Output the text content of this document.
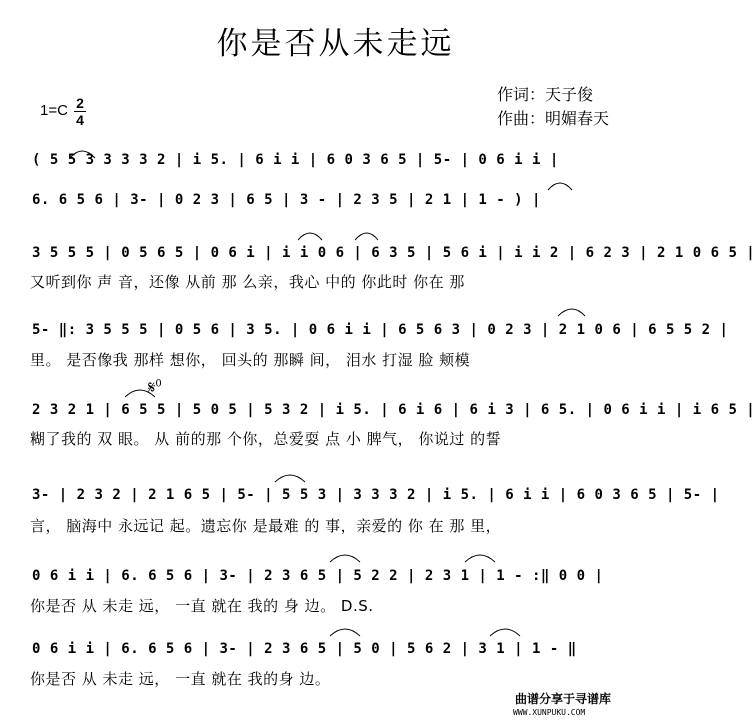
你是否从未走远
作词：天子俊
作曲：明媚春天
1=C 2
4
𝄋$^0$
( 5 5 3 3 3 3 2 | i 5. | 6 i i | 6 0 3 6 5 | 5- | 0 6 i i |
6. 6 5 6 | 3- | 0 2 3 | 6 5 | 3 - | 2 3 5 | 2 1 | 1 - ) |
3 5 5 5 | 0 5 6 5 | 0 6 i | i i 0 6 | 6 3 5 | 5 6 i | i i 2 | 6 2 3 | 2 1 0 6 5 |
又听到你 声 音，还像 从前 那 么亲，我心 中的 你此时 你在 那
5- ‖: 3 5 5 5 | 0 5 6 | 3 5. | 0 6 i i | 6 5 6 3 | 0 2 3 | 2 1 0 6 | 6 5 5 2 |
里。 是否像我 那样 想你， 回头的 那瞬 间， 泪水 打湿 脸 颊模
2 3 2 1 | 6 5 5 | 5 0 5 | 5 3 2 | i 5. | 6 i 6 | 6 i 3 | 6 5. | 0 6 i i | i 6 5 |
糊了我的 双 眼。 从 前的那 个你，总爱耍 点 小 脾气， 你说过 的誓
3- | 2 3 2 | 2 1 6 5 | 5- | 5 5 3 | 3 3 3 2 | i 5. | 6 i i | 6 0 3 6 5 | 5- |
言， 脑海中 永远记 起。遗忘你 是最难 的 事，亲爱的 你 在 那 里，
0 6 i i | 6. 6 5 6 | 3- | 2 3 6 5 | 5 2 2 | 2 3 1 | 1 - :‖ 0 0 |
你是否 从 未走 远， 一直 就在 我的 身 边。 D.S.
0 6 i i | 6. 6 5 6 | 3- | 2 3 6 5 | 5 0 | 5 6 2 | 3 1 | 1 - ‖
你是否 从 未走 远， 一直 就在 我的身 边。
曲谱分享于寻谱库
WWW.XUNPUKU.COM
